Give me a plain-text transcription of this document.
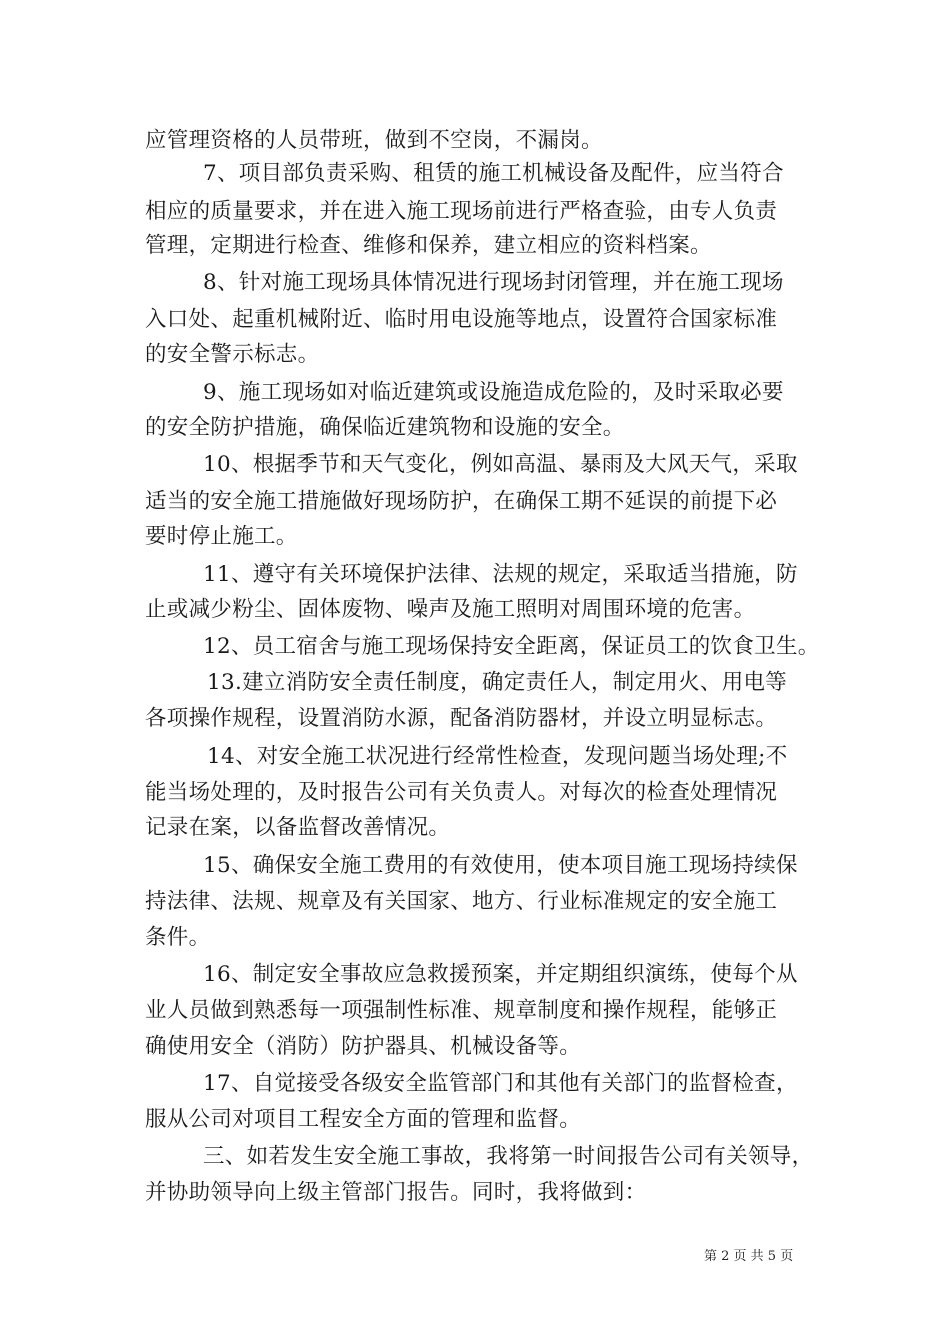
应管理资格的人员带班，做到不空岗，不漏岗。
7、项目部负责采购、租赁的施工机械设备及配件，应当符合
相应的质量要求，并在进入施工现场前进行严格查验，由专人负责
管理，定期进行检查、维修和保养，建立相应的资料档案。
8、针对施工现场具体情况进行现场封闭管理，并在施工现场
入口处、起重机械附近、临时用电设施等地点，设置符合国家标准
的安全警示标志。
9、施工现场如对临近建筑或设施造成危险的，及时采取必要
的安全防护措施，确保临近建筑物和设施的安全。
10、根据季节和天气变化，例如高温、暴雨及大风天气，采取
适当的安全施工措施做好现场防护，在确保工期不延误的前提下必
要时停止施工。
11、遵守有关环境保护法律、法规的规定，采取适当措施，防
止或减少粉尘、固体废物、噪声及施工照明对周围环境的危害。
12、员工宿舍与施工现场保持安全距离，保证员工的饮食卫生。
13.建立消防安全责任制度，确定责任人，制定用火、用电等
各项操作规程，设置消防水源，配备消防器材，并设立明显标志。
14、对安全施工状况进行经常性检查，发现问题当场处理;不
能当场处理的，及时报告公司有关负责人。对每次的检查处理情况
记录在案，以备监督改善情况。
15、确保安全施工费用的有效使用，使本项目施工现场持续保
持法律、法规、规章及有关国家、地方、行业标准规定的安全施工
条件。
16、制定安全事故应急救援预案，并定期组织演练，使每个从
业人员做到熟悉每一项强制性标准、规章制度和操作规程，能够正
确使用安全（消防）防护器具、机械设备等。
17、自觉接受各级安全监管部门和其他有关部门的监督检查，
服从公司对项目工程安全方面的管理和监督。
三、如若发生安全施工事故，我将第一时间报告公司有关领导，
并协助领导向上级主管部门报告。同时，我将做到：
第 2 页 共 5 页
